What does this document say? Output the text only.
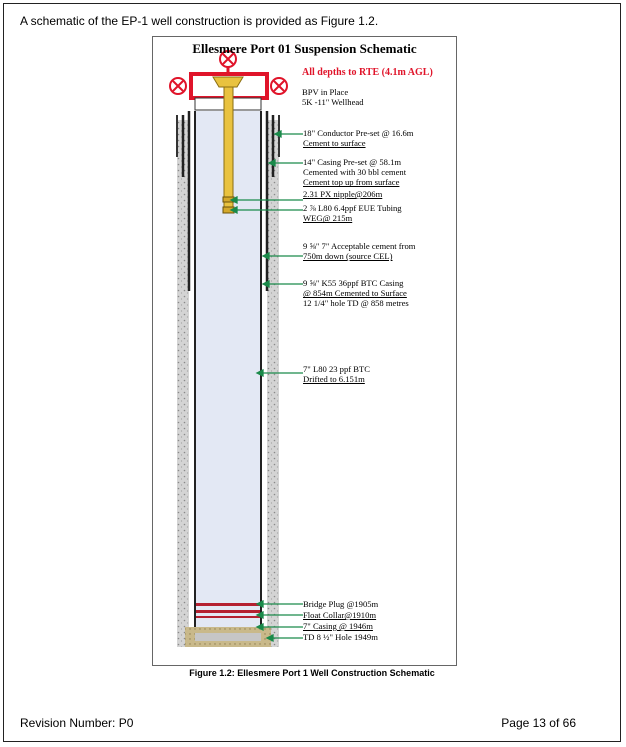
A schematic of the EP-1 well construction is provided as Figure 1.2.
Ellesmere Port 01 Suspension Schematic
All depths to RTE (4.1m AGL)
BPV in Place
5K -11" Wellhead
18" Conductor Pre-set @ 16.6m
Cement to surface
14" Casing Pre-set @ 58.1m
Cemented with 30 bbl cement
Cement top up from surface
2.31 PX nipple@206m
2 ⅞ L80 6.4ppf EUE Tubing
WEG@ 215m
9 ⅝" 7" Acceptable cement from
750m down (source CEL)
9 ⅝" K55 36ppf BTC Casing
@ 854m Cemented to Surface
12 1/4" hole TD @ 858 metres
7" L80 23 ppf BTC
Drifted to 6.151m
Bridge Plug @1905m
Float Collar@1910m
7" Casing @ 1946m
TD 8 ½" Hole 1949m
Figure 1.2: Ellesmere Port 1 Well Construction Schematic
Revision Number: P0	Page 13 of 66
